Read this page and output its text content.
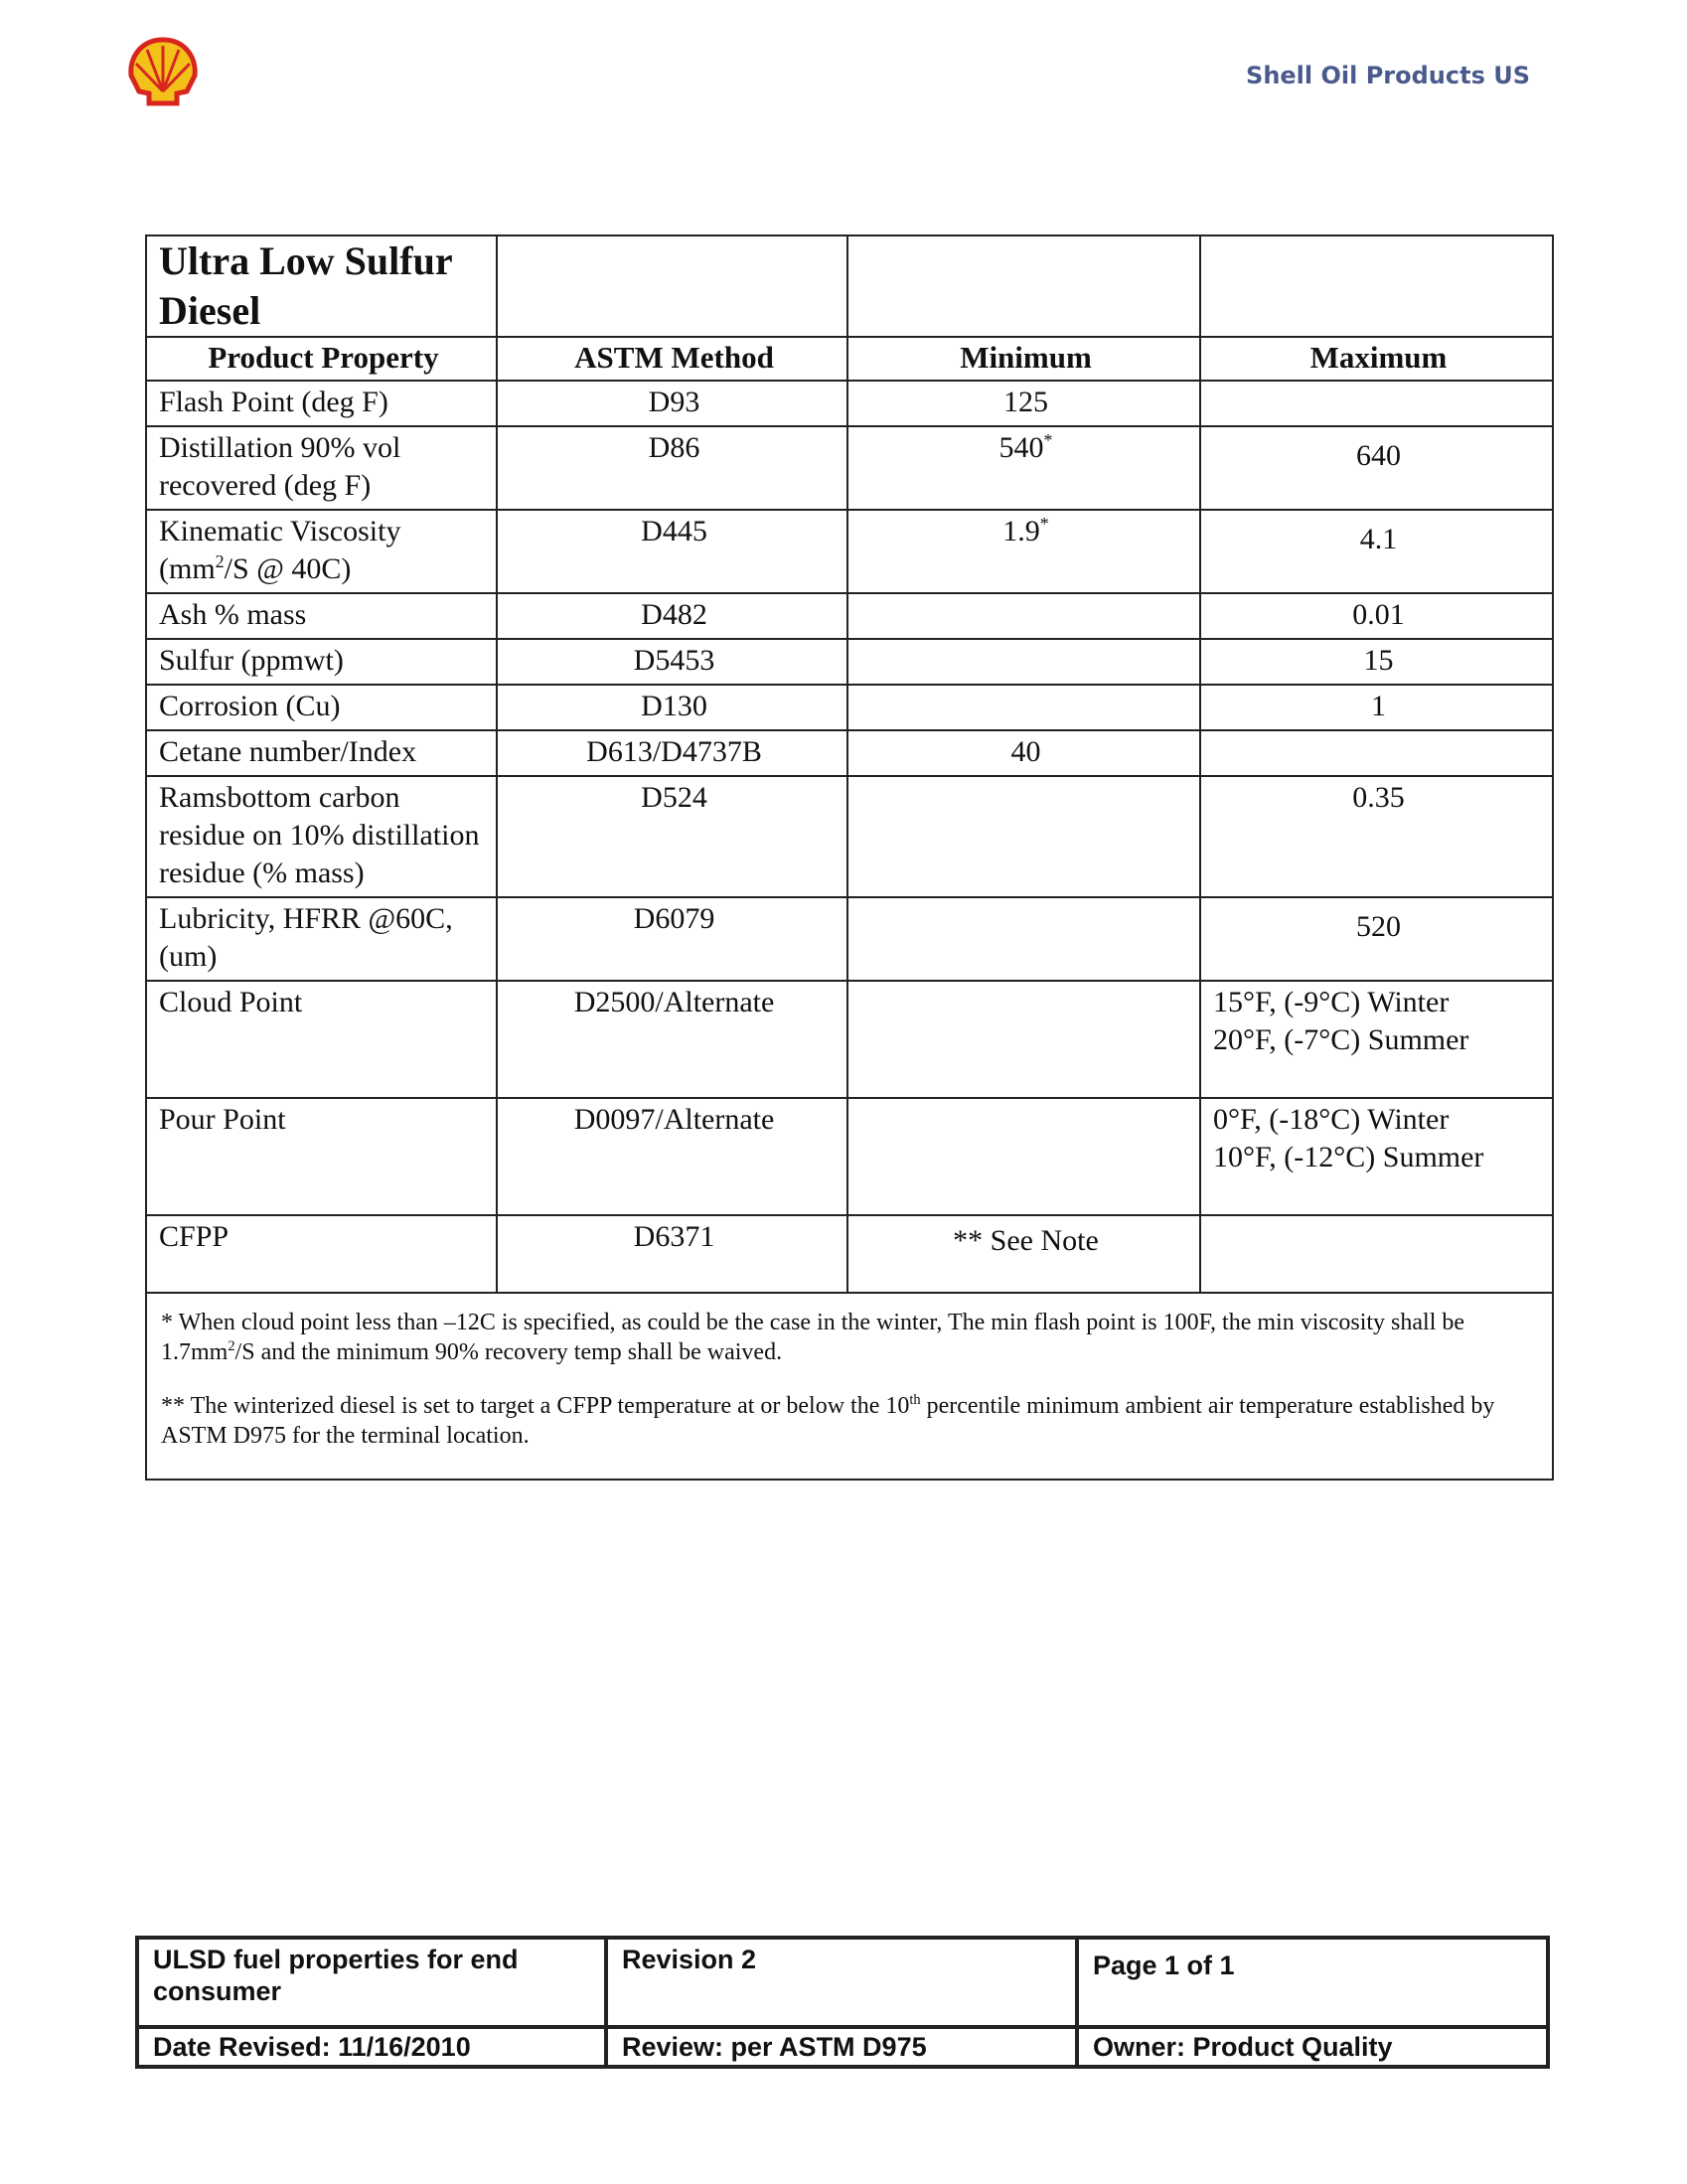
Shell Oil Products US
Ultra Low Sulfur Diesel			
Product Property	ASTM Method	Minimum	Maximum
Flash Point (deg F)	D93	125	
Distillation 90% vol recovered (deg F)	D86	540*	640
Kinematic Viscosity
($mm^2/S$ @ 40C)	D445	1.9*	4.1
Ash % mass	D482		0.01
Sulfur (ppmwt)	D5453		15
Corrosion (Cu)	D130		1
Cetane number/Index	D613/D4737B	40	
Ramsbottom carbon residue on 10% distillation residue (% mass)	D524		0.35
Lubricity, HFRR @60C, (um)	D6079		520
Cloud Point	D2500/Alternate		15°F, (-9°C) Winter
20°F, (-7°C) Summer
Pour Point	D0097/Alternate		0°F, (-18°C) Winter
10°F, (-12°C) Summer
CFPP	D6371	** See Note	

* When cloud point less than –12C is specified, as could be the case in the winter, The min flash point is 100F, the min viscosity shall be $1.7mm^2/S$ and the minimum 90% recovery temp shall be waived.

** The winterized diesel is set to target a CFPP temperature at or below the 10th percentile minimum ambient air temperature established by ASTM D975 for the terminal location.			

ULSD fuel properties for end consumer	Revision 2	Page 1 of 1
Date Revised: 11/16/2010	Review: per ASTM D975	Owner: Product Quality
